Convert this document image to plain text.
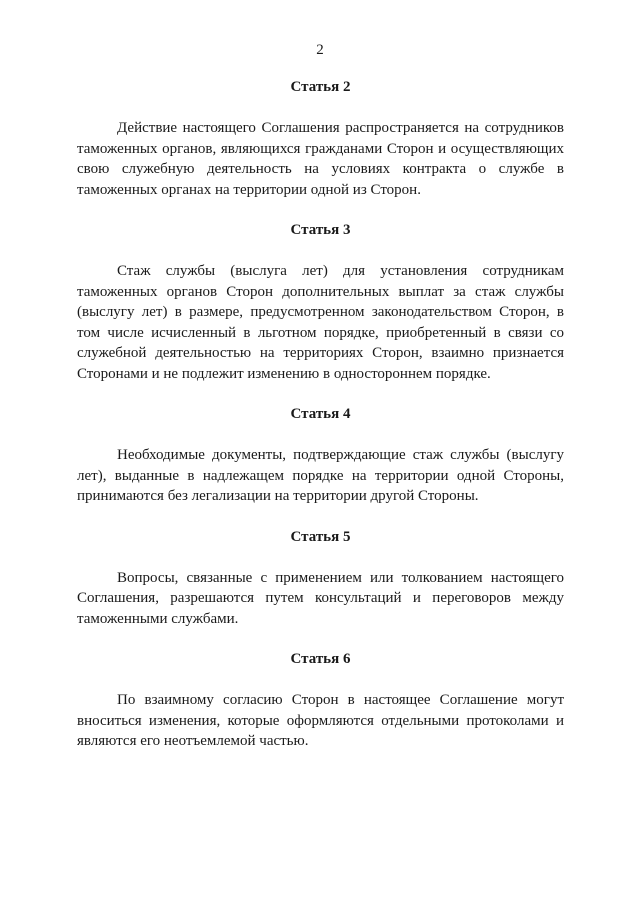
2
Статья 2

Действие настоящего Соглашения распространяется на сотрудников таможенных органов, являющихся гражданами Сторон и осуществляющих свою служебную деятельность на условиях контракта о службе в таможенных органах на территории одной из Сторон.

Статья 3

Стаж службы (выслуга лет) для установления сотрудникам таможенных органов Сторон дополнительных выплат за стаж службы (выслугу лет) в размере, предусмотренном законодательством Сторон, в том числе исчисленный в льготном порядке, приобретенный в связи со служебной деятельностью на территориях Сторон, взаимно признается Сторонами и не подлежит изменению в одностороннем порядке.

Статья 4

Необходимые документы, подтверждающие стаж службы (выслугу лет), выданные в надлежащем порядке на территории одной Стороны, принимаются без легализации на территории другой Стороны.

Статья 5

Вопросы, связанные с применением или толкованием настоящего Соглашения, разрешаются путем консультаций и переговоров между таможенными службами.

Статья 6

По взаимному согласию Сторон в настоящее Соглашение могут вноситься изменения, которые оформляются отдельными протоколами и являются его неотъемлемой частью.
